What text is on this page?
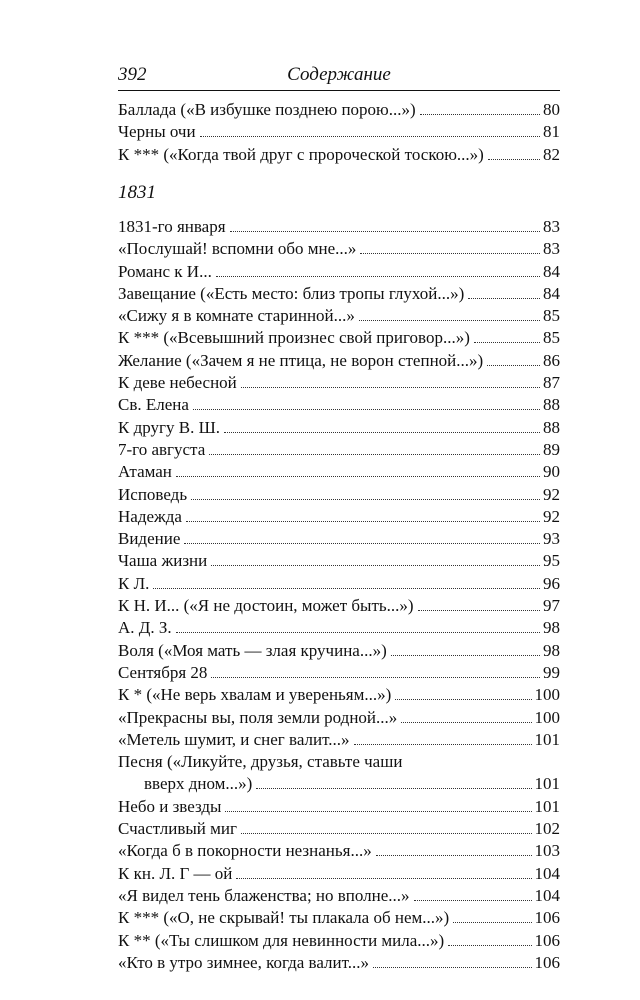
392	Содержание
Баллада («В избушке позднею порою...»)	80
Черны очи	81
К *** («Когда твой друг с пророческой тоскою...»)	82
1831
1831-го января	83
«Послушай! вспомни обо мне...»	83
Романс к И...	84
Завещание («Есть место: близ тропы глухой...»)	84
«Сижу я в комнате старинной...»	85
К *** («Всевышний произнес свой приговор...»)	85
Желание («Зачем я не птица, не ворон степной...»)	86
К деве небесной	87
Св. Елена	88
К другу В. Ш.	88
7-го августа	89
Атаман	90
Исповедь	92
Надежда	92
Видение	93
Чаша жизни	95
К Л.	96
К Н. И... («Я не достоин, может быть...»)	97
А. Д. З.	98
Воля («Моя мать — злая кручина...»)	98
Сентября 28	99
К * («Не верь хвалам и увереньям...»)	100
«Прекрасны вы, поля земли родной...»	100
«Метель шумит, и снег валит...»	101
Песня («Ликуйте, друзья, ставьте чаши
вверх дном...»)	101
Небо и звезды	101
Счастливый миг	102
«Когда б в покорности незнанья...»	103
К кн. Л. Г — ой	104
«Я видел тень блаженства; но вполне...»	104
К *** («О, не скрывай! ты плакала об нем...»)	106
К ** («Ты слишком для невинности мила...»)	106
«Кто в утро зимнее, когда валит...»	106
